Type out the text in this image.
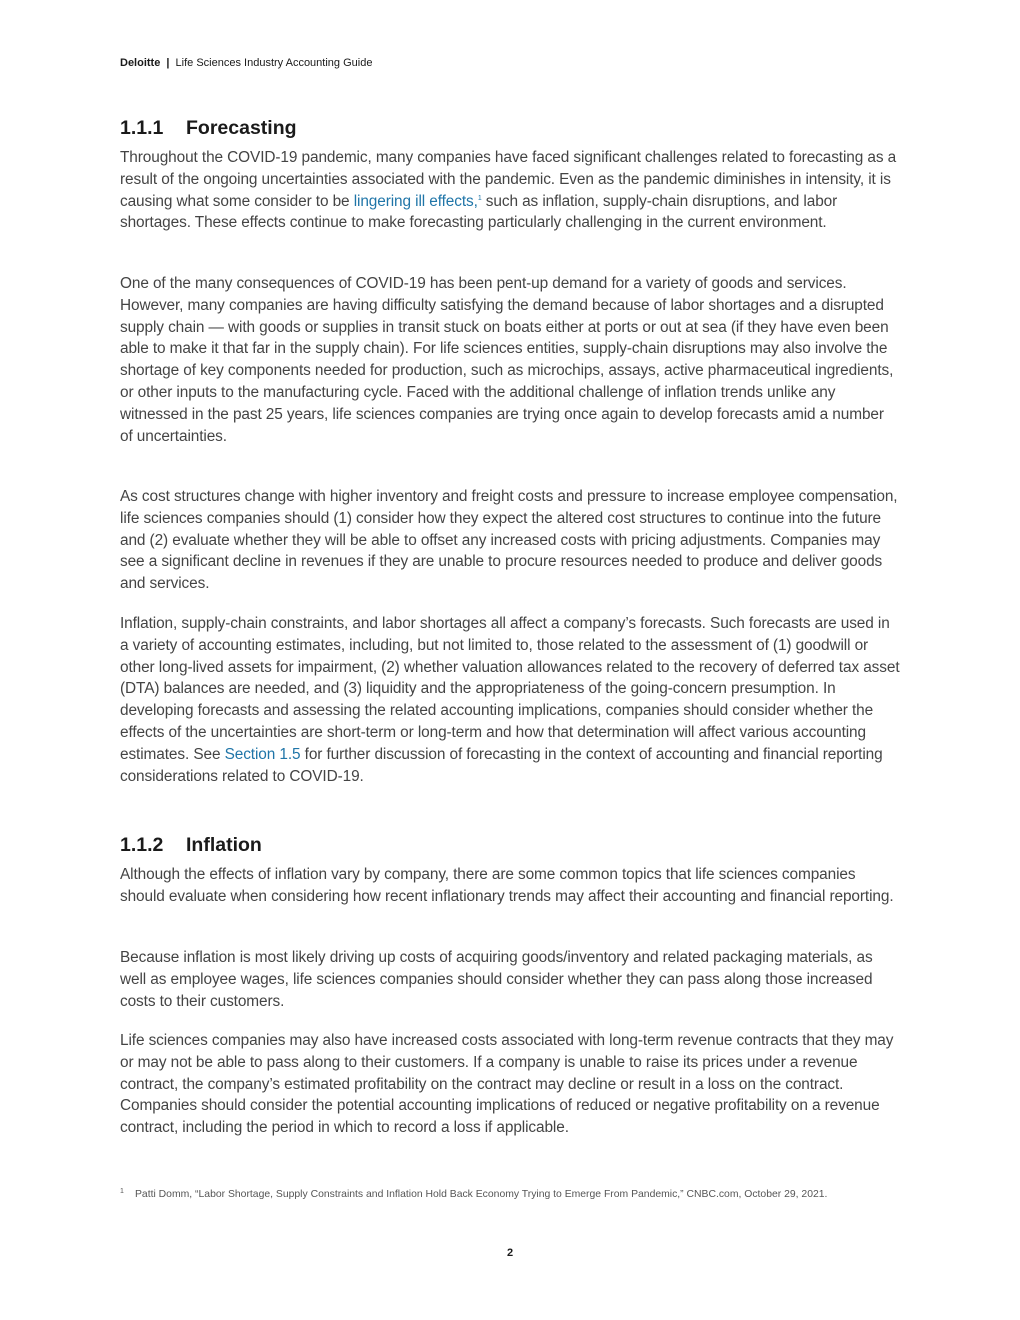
Deloitte | Life Sciences Industry Accounting Guide
1.1.1 Forecasting

Throughout the COVID-19 pandemic, many companies have faced significant challenges related to forecasting as a result of the ongoing uncertainties associated with the pandemic. Even as the pandemic diminishes in intensity, it is causing what some consider to be lingering ill effects,$^1$ such as inflation, supply-chain disruptions, and labor shortages. These effects continue to make forecasting particularly challenging in the current environment.

One of the many consequences of COVID-19 has been pent-up demand for a variety of goods and services. However, many companies are having difficulty satisfying the demand because of labor shortages and a disrupted supply chain — with goods or supplies in transit stuck on boats either at ports or out at sea (if they have even been able to make it that far in the supply chain). For life sciences entities, supply-chain disruptions may also involve the shortage of key components needed for production, such as microchips, assays, active pharmaceutical ingredients, or other inputs to the manufacturing cycle. Faced with the additional challenge of inflation trends unlike any witnessed in the past 25 years, life sciences companies are trying once again to develop forecasts amid a number of uncertainties.

As cost structures change with higher inventory and freight costs and pressure to increase employee compensation, life sciences companies should (1) consider how they expect the altered cost structures to continue into the future and (2) evaluate whether they will be able to offset any increased costs with pricing adjustments. Companies may see a significant decline in revenues if they are unable to procure resources needed to produce and deliver goods and services.

Inflation, supply-chain constraints, and labor shortages all affect a company’s forecasts. Such forecasts are used in a variety of accounting estimates, including, but not limited to, those related to the assessment of (1) goodwill or other long-lived assets for impairment, (2) whether valuation allowances related to the recovery of deferred tax asset (DTA) balances are needed, and (3) liquidity and the appropriateness of the going-concern presumption. In developing forecasts and assessing the related accounting implications, companies should consider whether the effects of the uncertainties are short-term or long-term and how that determination will affect various accounting estimates. See Section 1.5 for further discussion of forecasting in the context of accounting and financial reporting considerations related to COVID-19.

1.1.2 Inflation

Although the effects of inflation vary by company, there are some common topics that life sciences companies should evaluate when considering how recent inflationary trends may affect their accounting and financial reporting.

Because inflation is most likely driving up costs of acquiring goods/inventory and related packaging materials, as well as employee wages, life sciences companies should consider whether they can pass along those increased costs to their customers.

Life sciences companies may also have increased costs associated with long-term revenue contracts that they may or may not be able to pass along to their customers. If a company is unable to raise its prices under a revenue contract, the company’s estimated profitability on the contract may decline or result in a loss on the contract. Companies should consider the potential accounting implications of reduced or negative profitability on a revenue contract, including the period in which to record a loss if applicable.

1	Patti Domm, “Labor Shortage, Supply Constraints and Inflation Hold Back Economy Trying to Emerge From Pandemic,” CNBC.com, October 29, 2021.
2
